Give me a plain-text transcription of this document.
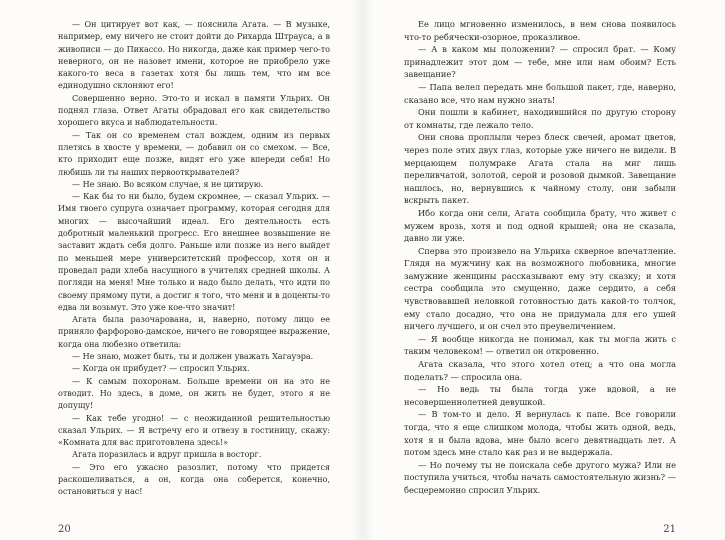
— Он цитирует вот как, — пояснила Агата. — В музыке, например, ему ничего не стоит дойти до Рихарда Штрауса, а в живописи — до Пикассо. Но никогда, даже как пример чего-то неверного, он не назовет имени, которое не приобрело уже какого-то веса в газетах хотя бы лишь тем, что им все единодушно склоняют его!

Совершенно верно. Это-то и искал в памяти Ульрих. Он поднял глаза. Ответ Агаты обрадовал его как свидетельство хорошего вкуса и наблюдательности.

— Так он со временем стал вождем, одним из первых плетясь в хвосте у времени, — добавил он со смехом. — Все, кто приходит еще позже, видят его уже впереди себя! Но любишь ли ты наших первооткрывателей?

— Не знаю. Во всяком случае, я не цитирую.

— Как бы то ни было, будем скромнее, — сказал Ульрих. — Имя твоего супруга означает программу, которая сегодня для многих — высочайший идеал. Его деятельность есть добротный маленький прогресс. Его внешнее возвышение не заставит ждать себя долго. Раньше или позже из него выйдет по меньшей мере университетский профессор, хотя он и проведал ради хлеба насущного в учителях средней школы. А погляди на меня! Мне только и надо было делать, что идти по своему прямому пути, а достиг я того, что меня и в доценты-то едва ли возьмут. Это уже кое-что значит!

Агата была разочарована, и, наверно, потому лицо ее приняло фарфорово-дамское, ничего не говорящее выражение, когда она любезно ответила:

— Не знаю, может быть, ты и должен уважать Хагауэра.

— Когда он прибудет? — спросил Ульрих.

— К самым похоронам. Больше времени он на это не отводит. Но здесь, в доме, он жить не будет, этого я не допущу!

— Как тебе угодно! — с неожиданной решительностью сказал Ульрих. — Я встречу его и отвезу в гостиницу, скажу: «Комната для вас приготовлена здесь!»

Агата поразилась и вдруг пришла в восторг.

— Это его ужасно разозлит, потому что придется раскошеливаться, а он, когда она соберется, конечно, остановиться у нас!

20

Ее лицо мгновенно изменилось, в нем снова появилось что-то ребячески-озорное, проказливое.

— А в каком мы положении? — спросил брат. — Кому принадлежит этот дом — тебе, мне или нам обоим? Есть завещание?

— Папа велел передать мне большой пакет, где, наверно, сказано все, что нам нужно знать!

Они пошли в кабинет, находившийся по другую сторону от комнаты, где лежало тело.

Они снова проплыли через блеск свечей, аромат цветов, через поле этих двух глаз, которые уже ничего не видели. В мерцающем полумраке Агата стала на миг лишь переливчатой, золотой, серой и розовой дымкой. Завещание нашлось, но, вернувшись к чайному столу, они забыли вскрыть пакет.

Ибо когда они сели, Агата сообщила брату, что живет с мужем врозь, хотя и под одной крышей; она не сказала, давно ли уже.

Сперва это произвело на Ульриха скверное впечатление. Глядя на мужчину как на возможного любовника, многие замужние женщины рассказывают ему эту сказку; и хотя сестра сообщила это смущенно, даже сердито, а себя чувствовавшей неловкой готовностью дать какой-то толчок, ему стало досадно, что она не придумала для его ушей ничего лучшего, и он счел это преувеличением.

— Я вообще никогда не понимал, как ты могла жить с таким человеком! — ответил он откровенно.

Агата сказала, что этого хотел отец; а что она могла поделать? — спросила она.

— Но ведь ты была тогда уже вдовой, а не несовершеннолетней девушкой.

— В том-то и дело. Я вернулась к папе. Все говорили тогда, что я еще слишком молода, чтобы жить одной, ведь, хотя я и была вдова, мне было всего девятнадцать лет. А потом здесь мне стало как раз и не выдержала.

— Но почему ты не поискала себе другого мужа? Или не поступила учиться, чтобы начать самостоятельную жизнь? — бесцеремонно спросил Ульрих.

21
